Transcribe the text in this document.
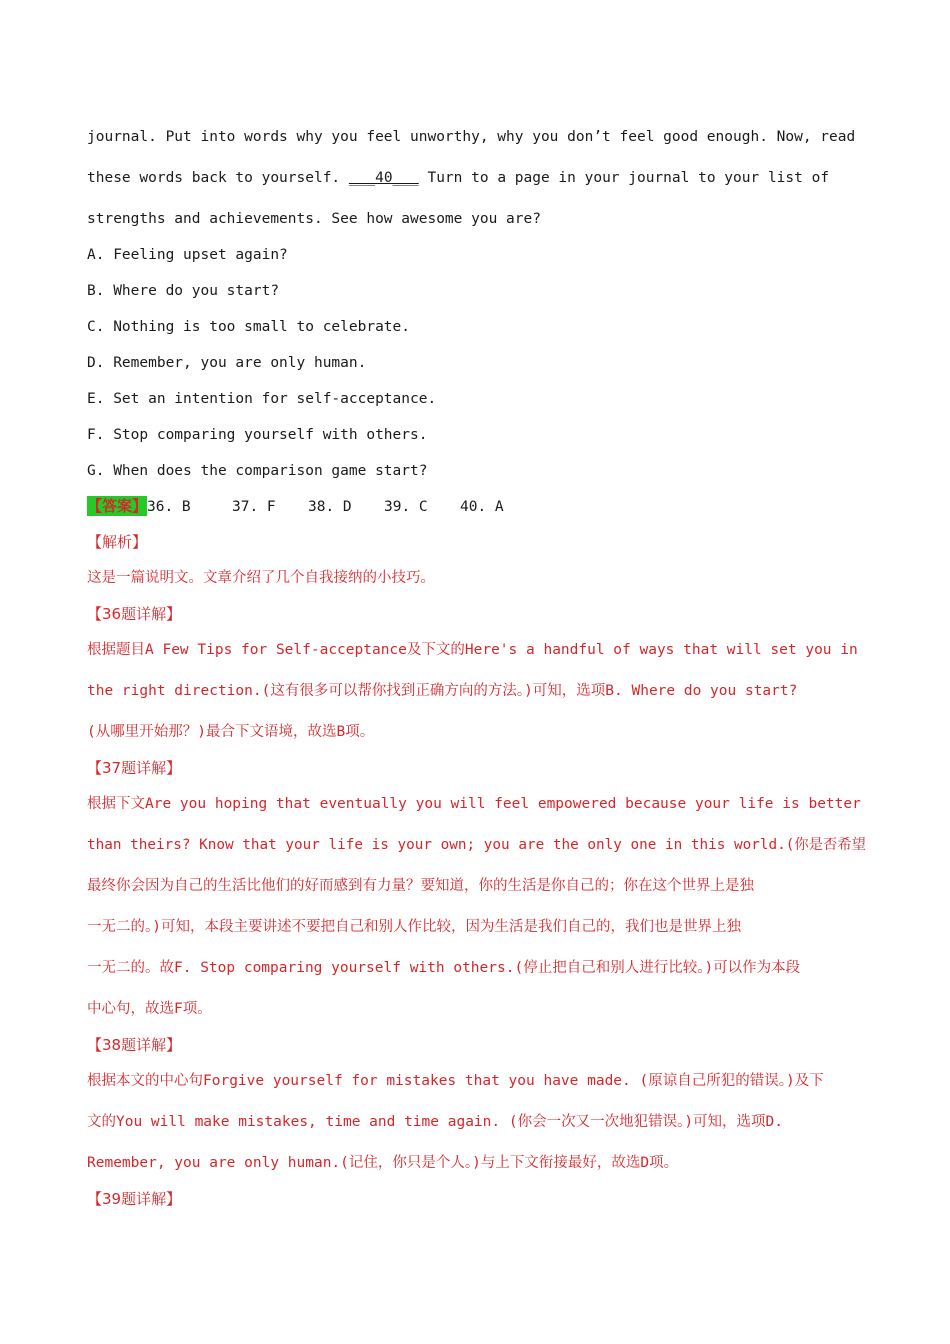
journal. Put into words why you feel unworthy, why you don’t feel good enough. Now, read
these words back to yourself. ___40___ Turn to a page in your journal to your list of
strengths and achievements. See how awesome you are?
A. Feeling upset again?
B. Where do you start?
C. Nothing is too small to celebrate.
D. Remember, you are only human.
E. Set an intention for self-acceptance.
F. Stop comparing yourself with others.
G. When does the comparison game start?
【答案】36. B	37. F 38. D 39. C 40. A
【解析】
这是一篇说明文。文章介绍了几个自我接纳的小技巧。
【36题详解】
根据题目A Few Tips for Self-acceptance及下文的Here's a handful of ways that will set you in
the right direction.(这有很多可以帮你找到正确方向的方法。)可知，选项B. Where do you start?
(从哪里开始那？)最合下文语境，故选B项。
【37题详解】
根据下文Are you hoping that eventually you will feel empowered because your life is better
than theirs? Know that your life is your own; you are the only one in this world.(你是否希望
最终你会因为自己的生活比他们的好而感到有力量？要知道，你的生活是你自己的；你在这个世界上是独
一无二的。)可知，本段主要讲述不要把自己和别人作比较，因为生活是我们自己的，我们也是世界上独
一无二的。故F. Stop comparing yourself with others.(停止把自己和别人进行比较。)可以作为本段
中心句，故选F项。
【38题详解】
根据本文的中心句Forgive yourself for mistakes that you have made. (原谅自己所犯的错误。)及下
文的You will make mistakes, time and time again. (你会一次又一次地犯错误。)可知，选项D.
Remember, you are only human.(记住，你只是个人。)与上下文衔接最好，故选D项。
【39题详解】
